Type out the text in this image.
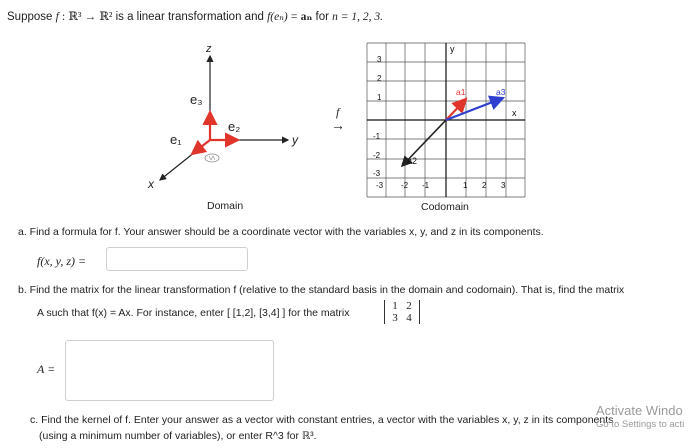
Suppose f : ℝ³ → ℝ² is a linear transformation and f(eₙ) = aₙ for n = 1, 2, 3.
z
y
x
e₃
e₂
e₁
Domain
f
→
3
2
1
-1
-2
-3
-3 -2 -1	1 2 3
y
x
a1	a3
a2
Codomain
a. Find a formula for f. Your answer should be a coordinate vector with the variables x, y, and z in its components.
f(x, y, z) =
b. Find the matrix for the linear transformation f (relative to the standard basis in the domain and codomain). That is, find the matrix
A such that f(x) = Ax. For instance, enter [ [1,2], [3,4] ] for the matrix
1 2
3 4
A =
c. Find the kernel of f. Enter your answer as a vector with constant entries, a vector with the variables x, y, z in its components
(using a minimum number of variables), or enter R^3 for ℝ³.
Activate Windo
Go to Settings to acti
